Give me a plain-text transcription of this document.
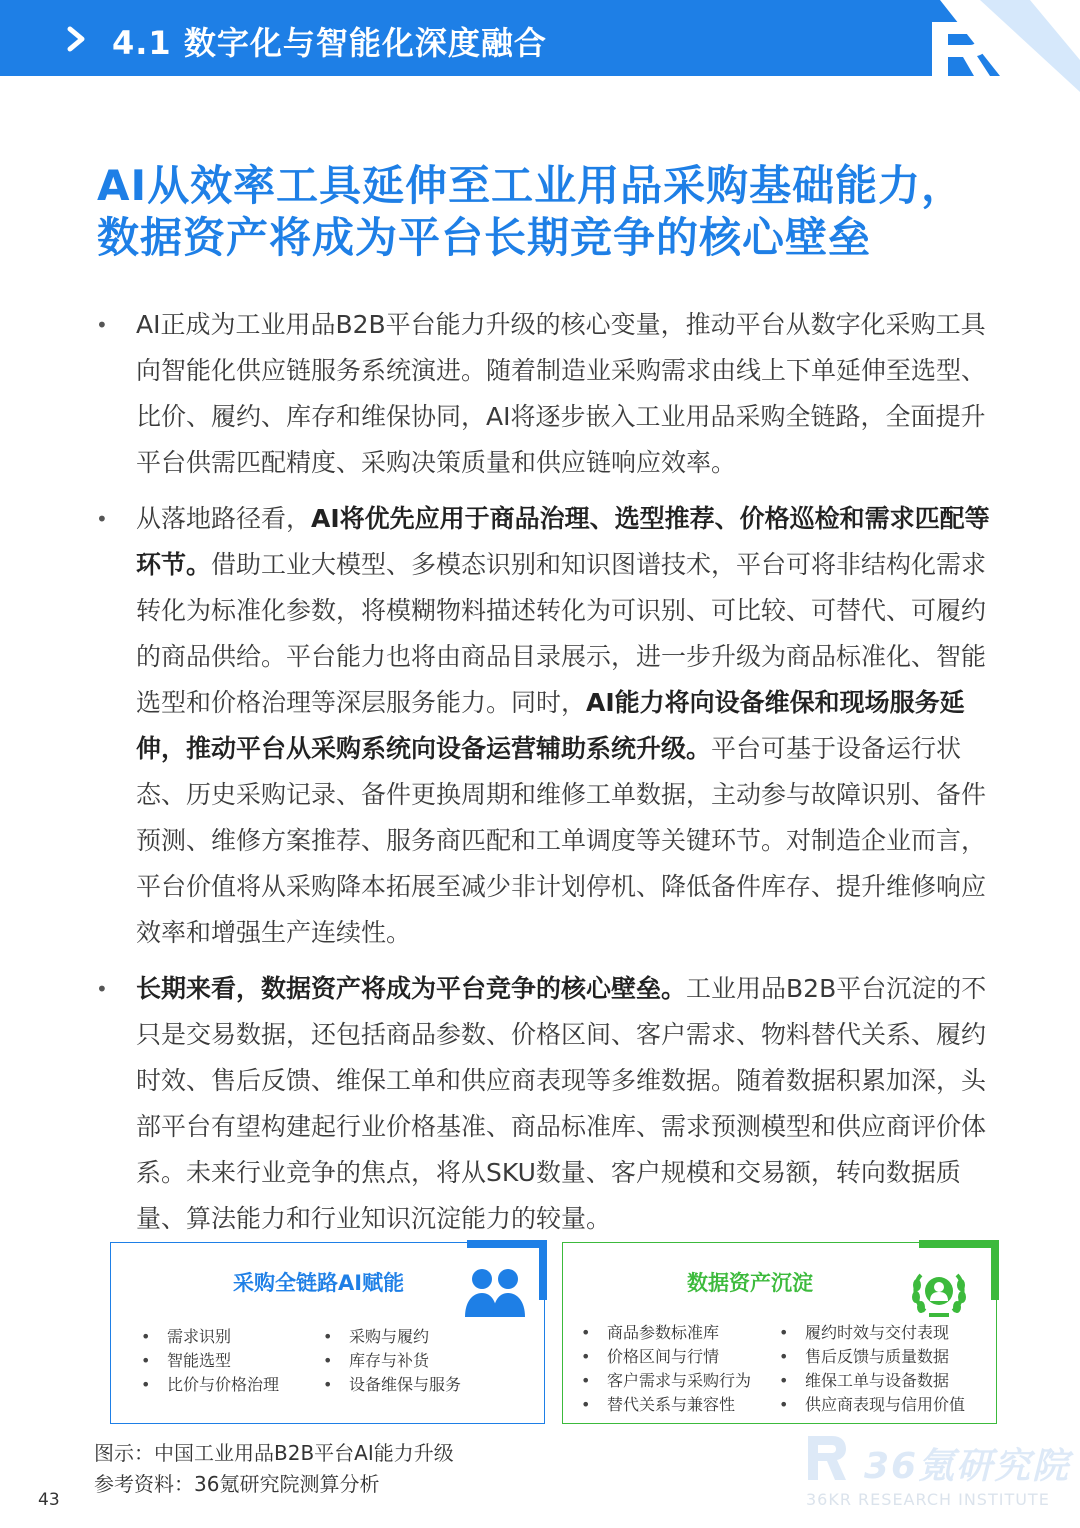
4.1 数字化与智能化深度融合
AI从效率工具延伸至工业用品采购基础能力，
数据资产将成为平台长期竞争的核心壁垒
• AI正成为工业用品B2B平台能力升级的核心变量，推动平台从数字化采购工具向智能化供应链服务系统演进。随着制造业采购需求由线上下单延伸至选型、比价、履约、库存和维保协同，AI将逐步嵌入工业用品采购全链路，全面提升平台供需匹配精度、采购决策质量和供应链响应效率。
• 从落地路径看，AI将优先应用于商品治理、选型推荐、价格巡检和需求匹配等环节。借助工业大模型、多模态识别和知识图谱技术，平台可将非结构化需求转化为标准化参数，将模糊物料描述转化为可识别、可比较、可替代、可履约的商品供给。平台能力也将由商品目录展示，进一步升级为商品标准化、智能选型和价格治理等深层服务能力。同时，AI能力将向设备维保和现场服务延伸，推动平台从采购系统向设备运营辅助系统升级。平台可基于设备运行状态、历史采购记录、备件更换周期和维修工单数据，主动参与故障识别、备件预测、维修方案推荐、服务商匹配和工单调度等关键环节。对制造企业而言，平台价值将从采购降本拓展至减少非计划停机、降低备件库存、提升维修响应效率和增强生产连续性。
• 长期来看，数据资产将成为平台竞争的核心壁垒。工业用品B2B平台沉淀的不只是交易数据，还包括商品参数、价格区间、客户需求、物料替代关系、履约时效、售后反馈、维保工单和供应商表现等多维数据。随着数据积累加深，头部平台有望构建起行业价格基准、商品标准库、需求预测模型和供应商评价体系。未来行业竞争的焦点，将从SKU数量、客户规模和交易额，转向数据质量、算法能力和行业知识沉淀能力的较量。
采购全链路AI赋能
• 需求识别
• 智能选型
• 比价与价格治理
• 采购与履约
• 库存与补货
• 设备维保与服务
数据资产沉淀
• 商品参数标准库
• 价格区间与行情
• 客户需求与采购行为
• 替代关系与兼容性
• 履约时效与交付表现
• 售后反馈与质量数据
• 维保工单与设备数据
• 供应商表现与信用价值
图示：中国工业用品B2B平台AI能力升级
参考资料：36氪研究院测算分析
43
36氪研究院
36KR RESEARCH INSTITUTE
